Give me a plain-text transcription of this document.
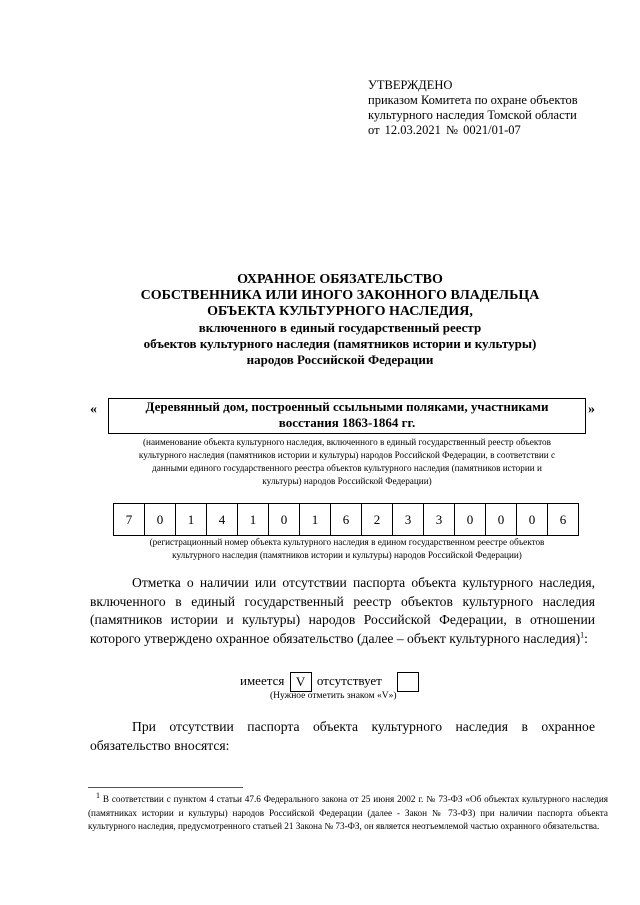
УТВЕРЖДЕНО
приказом Комитета по охране объектов
культурного наследия Томской области
от 12.03.2021 № 0021/01-07
ОХРАННОЕ ОБЯЗАТЕЛЬСТВО
СОБСТВЕННИКА ИЛИ ИНОГО ЗАКОННОГО ВЛАДЕЛЬЦА
ОБЪЕКТА КУЛЬТУРНОГО НАСЛЕДИЯ,
включенного в единый государственный реестр
объектов культурного наследия (памятников истории и культуры)
народов Российской Федерации
«	Деревянный дом, построенный ссыльными поляками, участниками
восстания 1863-1864 гг.
»
(наименование объекта культурного наследия, включенного в единый государственный реестр объектов
культурного наследия (памятников истории и культуры) народов Российской Федерации, в соответствии с
данными единого государственного реестра объектов культурного наследия (памятников истории и
культуры) народов Российской Федерации)
7	0	1	4	1	0	1	6	2	3	3	0	0	0	6
(регистрационный номер объекта культурного наследия в едином государственном реестре объектов
культурного наследия (памятников истории и культуры) народов Российской Федерации)
Отметка о наличии или отсутствии паспорта объекта культурного наследия, включенного в единый государственный реестр объектов культурного наследия (памятников истории и культуры) народов Российской Федерации, в отношении которого утверждено охранное обязательство (далее – объект культурного наследия)$^1$:
имеется V отсутствует
(Нужное отметить знаком «V»)
При отсутствии паспорта объекта культурного наследия в охранное обязательство вносятся:
$^1$ В соответствии с пунктом 4 статьи 47.6 Федерального закона от 25 июня 2002 г. № 73-ФЗ «Об объектах культурного наследия (памятниках истории и культуры) народов Российской Федерации (далее - Закон № 73-ФЗ) при наличии паспорта объекта культурного наследия, предусмотренного статьей 21 Закона № 73-ФЗ, он является неотъемлемой частью охранного обязательства.
